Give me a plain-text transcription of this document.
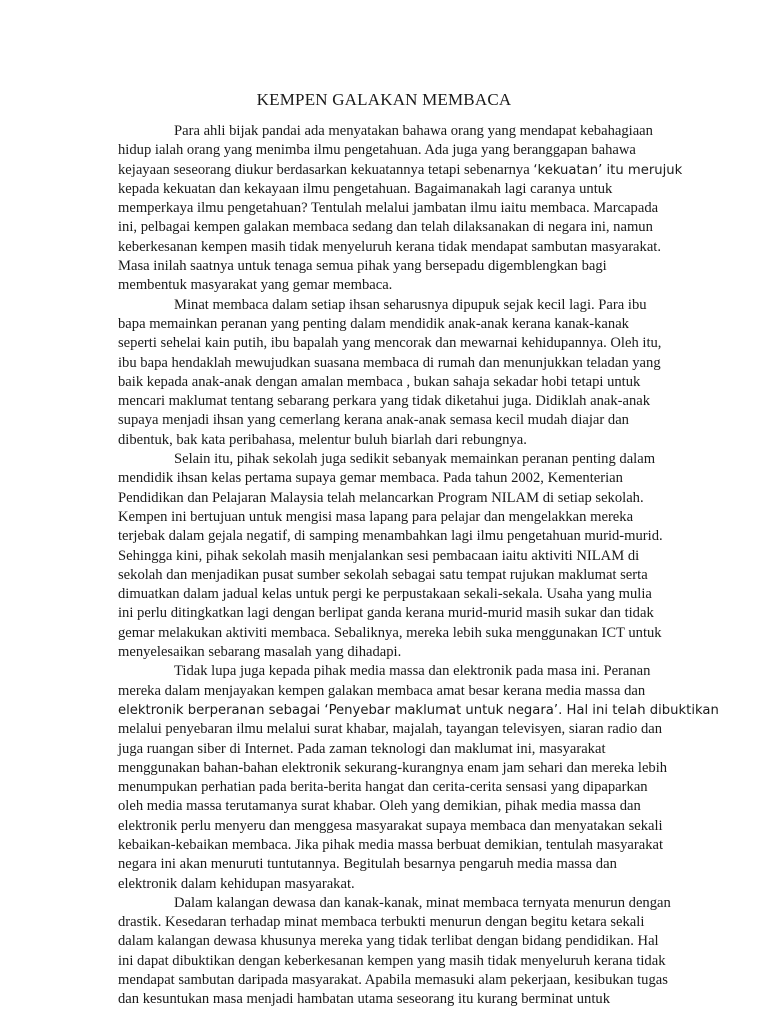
KEMPEN GALAKAN MEMBACA
Para ahli bijak pandai ada menyatakan bahawa orang yang mendapat kebahagiaan
hidup ialah orang yang menimba ilmu pengetahuan. Ada juga yang beranggapan bahawa
kejayaan seseorang diukur berdasarkan kekuatannya tetapi sebenarnya ‘kekuatan’ itu merujuk
kepada kekuatan dan kekayaan ilmu pengetahuan. Bagaimanakah lagi caranya untuk
memperkaya ilmu pengetahuan? Tentulah melalui jambatan ilmu iaitu membaca. Marcapada
ini, pelbagai kempen galakan membaca sedang dan telah dilaksanakan di negara ini, namun
keberkesanan kempen masih tidak menyeluruh kerana tidak mendapat sambutan masyarakat.
Masa inilah saatnya untuk tenaga semua pihak yang bersepadu digemblengkan bagi
membentuk masyarakat yang gemar membaca.
Minat membaca dalam setiap ihsan seharusnya dipupuk sejak kecil lagi. Para ibu
bapa memainkan peranan yang penting dalam mendidik anak-anak kerana kanak-kanak
seperti sehelai kain putih, ibu bapalah yang mencorak dan mewarnai kehidupannya. Oleh itu,
ibu bapa hendaklah mewujudkan suasana membaca di rumah dan menunjukkan teladan yang
baik kepada anak-anak dengan amalan membaca , bukan sahaja sekadar hobi tetapi untuk
mencari maklumat tentang sebarang perkara yang tidak diketahui juga. Didiklah anak-anak
supaya menjadi ihsan yang cemerlang kerana anak-anak semasa kecil mudah diajar dan
dibentuk, bak kata peribahasa, melentur buluh biarlah dari rebungnya.
Selain itu, pihak sekolah juga sedikit sebanyak memainkan peranan penting dalam
mendidik ihsan kelas pertama supaya gemar membaca. Pada tahun 2002, Kementerian
Pendidikan dan Pelajaran Malaysia telah melancarkan Program NILAM di setiap sekolah.
Kempen ini bertujuan untuk mengisi masa lapang para pelajar dan mengelakkan mereka
terjebak dalam gejala negatif, di samping menambahkan lagi ilmu pengetahuan murid-murid.
Sehingga kini, pihak sekolah masih menjalankan sesi pembacaan iaitu aktiviti NILAM di
sekolah dan menjadikan pusat sumber sekolah sebagai satu tempat rujukan maklumat serta
dimuatkan dalam jadual kelas untuk pergi ke perpustakaan sekali-sekala. Usaha yang mulia
ini perlu ditingkatkan lagi dengan berlipat ganda kerana murid-murid masih sukar dan tidak
gemar melakukan aktiviti membaca. Sebaliknya, mereka lebih suka menggunakan ICT untuk
menyelesaikan sebarang masalah yang dihadapi.
Tidak lupa juga kepada pihak media massa dan elektronik pada masa ini. Peranan
mereka dalam menjayakan kempen galakan membaca amat besar kerana media massa dan
elektronik berperanan sebagai ‘Penyebar maklumat untuk negara’. Hal ini telah dibuktikan
melalui penyebaran ilmu melalui surat khabar, majalah, tayangan televisyen, siaran radio dan
juga ruangan siber di Internet. Pada zaman teknologi dan maklumat ini, masyarakat
menggunakan bahan-bahan elektronik sekurang-kurangnya enam jam sehari dan mereka lebih
menumpukan perhatian pada berita-berita hangat dan cerita-cerita sensasi yang dipaparkan
oleh media massa terutamanya surat khabar. Oleh yang demikian, pihak media massa dan
elektronik perlu menyeru dan menggesa masyarakat supaya membaca dan menyatakan sekali
kebaikan-kebaikan membaca. Jika pihak media massa berbuat demikian, tentulah masyarakat
negara ini akan menuruti tuntutannya. Begitulah besarnya pengaruh media massa dan
elektronik dalam kehidupan masyarakat.
Dalam kalangan dewasa dan kanak-kanak, minat membaca ternyata menurun dengan
drastik. Kesedaran terhadap minat membaca terbukti menurun dengan begitu ketara sekali
dalam kalangan dewasa khusunya mereka yang tidak terlibat dengan bidang pendidikan. Hal
ini dapat dibuktikan dengan keberkesanan kempen yang masih tidak menyeluruh kerana tidak
mendapat sambutan daripada masyarakat. Apabila memasuki alam pekerjaan, kesibukan tugas
dan kesuntukan masa menjadi hambatan utama seseorang itu kurang berminat untuk
